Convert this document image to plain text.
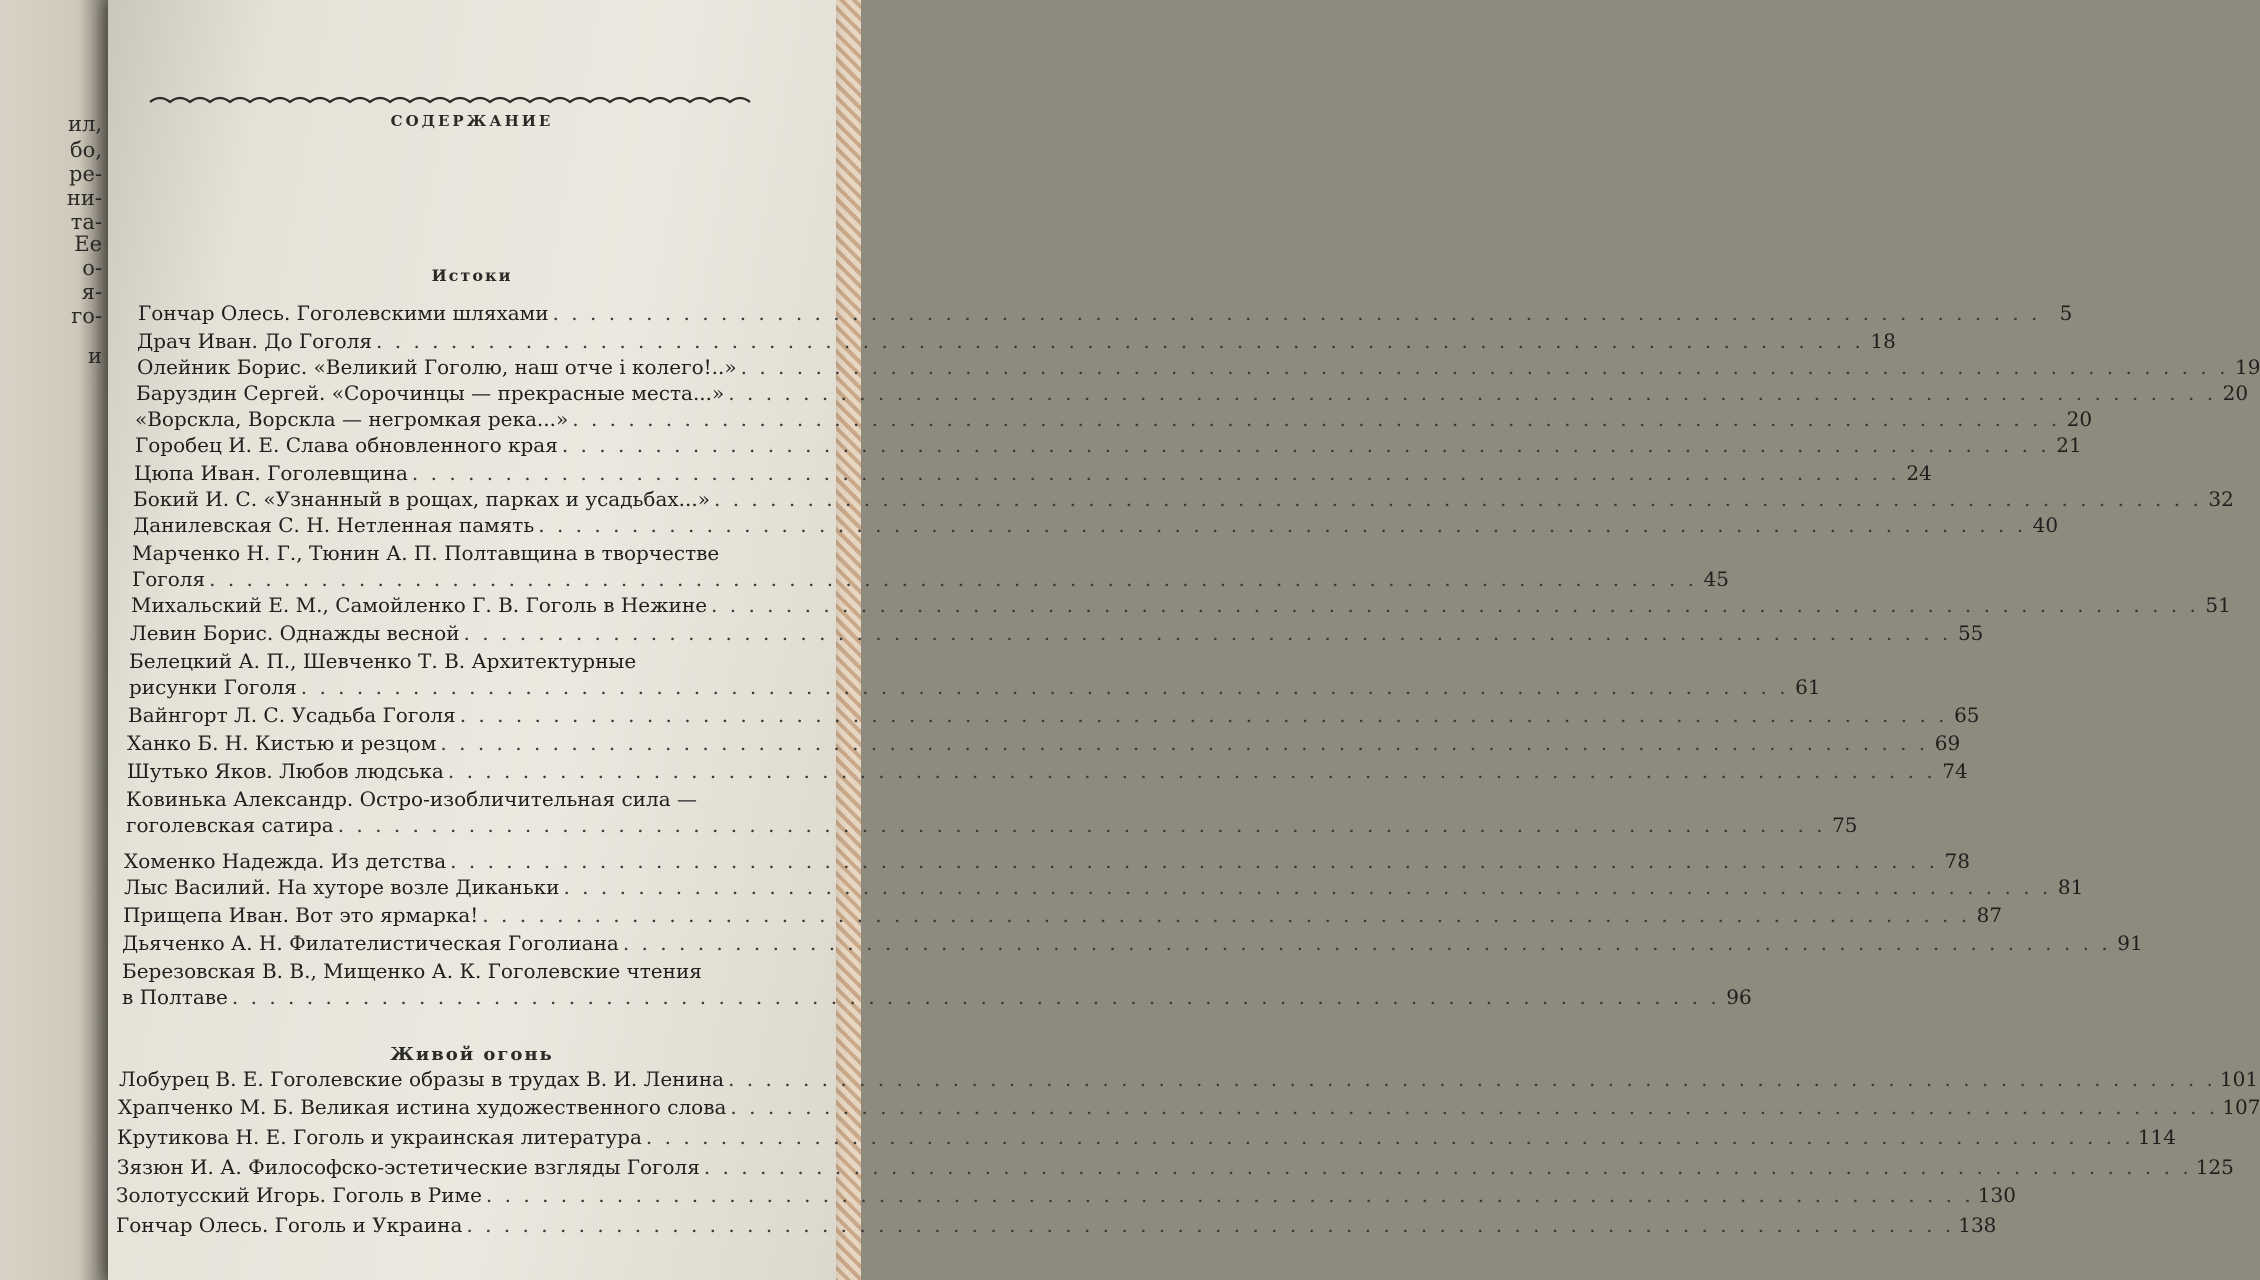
ил,
бо,
ре-
ни-
та-
Ее
о-
я-
го-
и
СОДЕРЖАНИЕ
Истоки
Живой огонь
Гончар Олесь. Гоголевскими шляхами . . . . . . . . . . . . . . . . . . . . . . . . . . . . . . . . . . . . . . . . . . . . . . . . . . . . . . . . . . . . . . . . . . . . . . . . . . . . . . . . 5
Драч Иван. До Гоголя . . . . . . . . . . . . . . . . . . . . . . . . . . . . . . . . . . . . . . . . . . . . . . . . . . . . . . . . . . . . . . . . . . . . . . . . . . . . . . . . 18
Олейник Борис. «Великий Гоголю, наш отче і колего!..» . . . . . . . . . . . . . . . . . . . . . . . . . . . . . . . . . . . . . . . . . . . . . . . . . . . . . . . . . . . . . . . . . . . . . . . . . . . . . . . . 19
Баруздин Сергей. «Сорочинцы — прекрасные места...» . . . . . . . . . . . . . . . . . . . . . . . . . . . . . . . . . . . . . . . . . . . . . . . . . . . . . . . . . . . . . . . . . . . . . . . . . . . . . . . . 20
«Ворскла, Ворскла — негромкая река...» . . . . . . . . . . . . . . . . . . . . . . . . . . . . . . . . . . . . . . . . . . . . . . . . . . . . . . . . . . . . . . . . . . . . . . . . . . . . . . . . 20
Горобец И. Е. Слава обновленного края . . . . . . . . . . . . . . . . . . . . . . . . . . . . . . . . . . . . . . . . . . . . . . . . . . . . . . . . . . . . . . . . . . . . . . . . . . . . . . . . 21
Цюпа Иван. Гоголевщина . . . . . . . . . . . . . . . . . . . . . . . . . . . . . . . . . . . . . . . . . . . . . . . . . . . . . . . . . . . . . . . . . . . . . . . . . . . . . . . . 24
Бокий И. С. «Узнанный в рощах, парках и усадьбах...» . . . . . . . . . . . . . . . . . . . . . . . . . . . . . . . . . . . . . . . . . . . . . . . . . . . . . . . . . . . . . . . . . . . . . . . . . . . . . . . . 32
Данилевская С. Н. Нетленная память . . . . . . . . . . . . . . . . . . . . . . . . . . . . . . . . . . . . . . . . . . . . . . . . . . . . . . . . . . . . . . . . . . . . . . . . . . . . . . . . 40
Марченко Н. Г., Тюнин А. П. Полтавщина в творчестве
Гоголя . . . . . . . . . . . . . . . . . . . . . . . . . . . . . . . . . . . . . . . . . . . . . . . . . . . . . . . . . . . . . . . . . . . . . . . . . . . . . . . . 45
Михальский Е. М., Самойленко Г. В. Гоголь в Нежине . . . . . . . . . . . . . . . . . . . . . . . . . . . . . . . . . . . . . . . . . . . . . . . . . . . . . . . . . . . . . . . . . . . . . . . . . . . . . . . . 51
Левин Борис. Однажды весной . . . . . . . . . . . . . . . . . . . . . . . . . . . . . . . . . . . . . . . . . . . . . . . . . . . . . . . . . . . . . . . . . . . . . . . . . . . . . . . . 55
Белецкий А. П., Шевченко Т. В. Архитектурные
рисунки Гоголя . . . . . . . . . . . . . . . . . . . . . . . . . . . . . . . . . . . . . . . . . . . . . . . . . . . . . . . . . . . . . . . . . . . . . . . . . . . . . . . . 61
Вайнгорт Л. С. Усадьба Гоголя . . . . . . . . . . . . . . . . . . . . . . . . . . . . . . . . . . . . . . . . . . . . . . . . . . . . . . . . . . . . . . . . . . . . . . . . . . . . . . . . 65
Ханко Б. Н. Кистью и резцом . . . . . . . . . . . . . . . . . . . . . . . . . . . . . . . . . . . . . . . . . . . . . . . . . . . . . . . . . . . . . . . . . . . . . . . . . . . . . . . . 69
Шутько Яков. Любов людська . . . . . . . . . . . . . . . . . . . . . . . . . . . . . . . . . . . . . . . . . . . . . . . . . . . . . . . . . . . . . . . . . . . . . . . . . . . . . . . . 74
Ковинька Александр. Остро-изобличительная сила —
гоголевская сатира . . . . . . . . . . . . . . . . . . . . . . . . . . . . . . . . . . . . . . . . . . . . . . . . . . . . . . . . . . . . . . . . . . . . . . . . . . . . . . . . 75
Хоменко Надежда. Из детства . . . . . . . . . . . . . . . . . . . . . . . . . . . . . . . . . . . . . . . . . . . . . . . . . . . . . . . . . . . . . . . . . . . . . . . . . . . . . . . . 78
Лыс Василий. На хуторе возле Диканьки . . . . . . . . . . . . . . . . . . . . . . . . . . . . . . . . . . . . . . . . . . . . . . . . . . . . . . . . . . . . . . . . . . . . . . . . . . . . . . . . 81
Прищепа Иван. Вот это ярмарка! . . . . . . . . . . . . . . . . . . . . . . . . . . . . . . . . . . . . . . . . . . . . . . . . . . . . . . . . . . . . . . . . . . . . . . . . . . . . . . . . 87
Дьяченко А. Н. Филателистическая Гоголиана . . . . . . . . . . . . . . . . . . . . . . . . . . . . . . . . . . . . . . . . . . . . . . . . . . . . . . . . . . . . . . . . . . . . . . . . . . . . . . . . 91
Березовская В. В., Мищенко А. К. Гоголевские чтения
в Полтаве . . . . . . . . . . . . . . . . . . . . . . . . . . . . . . . . . . . . . . . . . . . . . . . . . . . . . . . . . . . . . . . . . . . . . . . . . . . . . . . . 96
Лобурец В. Е. Гоголевские образы в трудах В. И. Ленина . . . . . . . . . . . . . . . . . . . . . . . . . . . . . . . . . . . . . . . . . . . . . . . . . . . . . . . . . . . . . . . . . . . . . . . . . . . . . . . . 101
Храпченко М. Б. Великая истина художественного слова . . . . . . . . . . . . . . . . . . . . . . . . . . . . . . . . . . . . . . . . . . . . . . . . . . . . . . . . . . . . . . . . . . . . . . . . . . . . . . . . 107
Крутикова Н. Е. Гоголь и украинская литература . . . . . . . . . . . . . . . . . . . . . . . . . . . . . . . . . . . . . . . . . . . . . . . . . . . . . . . . . . . . . . . . . . . . . . . . . . . . . . . . 114
Зязюн И. А. Философско-эстетические взгляды Гоголя . . . . . . . . . . . . . . . . . . . . . . . . . . . . . . . . . . . . . . . . . . . . . . . . . . . . . . . . . . . . . . . . . . . . . . . . . . . . . . . . 125
Золотусский Игорь. Гоголь в Риме . . . . . . . . . . . . . . . . . . . . . . . . . . . . . . . . . . . . . . . . . . . . . . . . . . . . . . . . . . . . . . . . . . . . . . . . . . . . . . . . 130
Гончар Олесь. Гоголь и Украина . . . . . . . . . . . . . . . . . . . . . . . . . . . . . . . . . . . . . . . . . . . . . . . . . . . . . . . . . . . . . . . . . . . . . . . . . . . . . . . . 138
